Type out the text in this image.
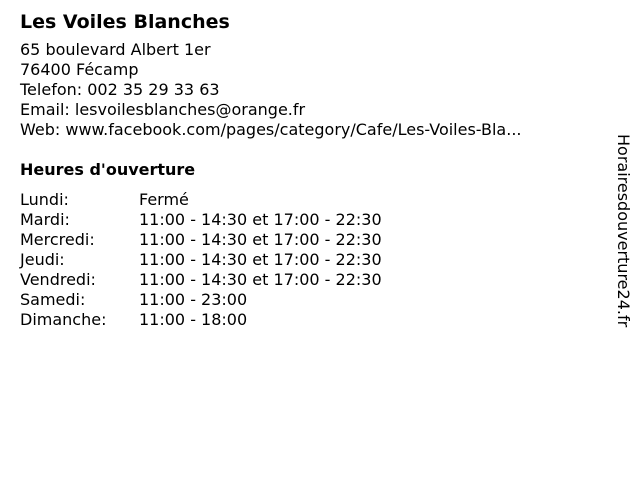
Les Voiles Blanches
65 boulevard Albert 1er
76400 Fécamp
Telefon: 002 35 29 33 63
Email: lesvoilesblanches@orange.fr
Web: www.facebook.com/pages/category/Cafe/Les-Voiles-Bla...
Heures d'ouverture
Lundi:	Fermé
Mardi:	11:00 - 14:30 et 17:00 - 22:30
Mercredi:	11:00 - 14:30 et 17:00 - 22:30
Jeudi:	11:00 - 14:30 et 17:00 - 22:30
Vendredi:	11:00 - 14:30 et 17:00 - 22:30
Samedi:	11:00 - 23:00
Dimanche: 11:00 - 18:00	Horairesdouverture24.fr
